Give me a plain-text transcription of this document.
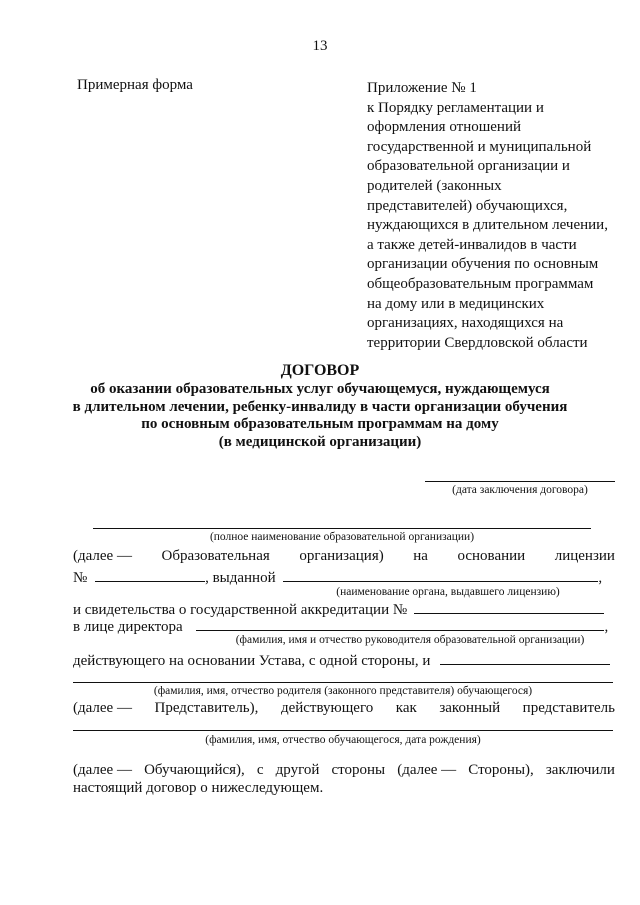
13
Примерная форма	Приложение № 1
к Порядку регламентации и
оформления отношений
государственной и муниципальной
образовательной организации и
родителей (законных
представителей) обучающихся,
нуждающихся в длительном лечении,
а также детей-инвалидов в части
организации обучения по основным
общеобразовательным программам
на дому или в медицинских
организациях, находящихся на
территории Свердловской области
ДОГОВОР
об оказании образовательных услуг обучающемуся, нуждающемуся
в длительном лечении, ребенку-инвалиду в части организации обучения
по основным образовательным программам на дому
(в медицинской организации)
(дата заключения договора)
(полное наименование образовательной организации)
(далее — Образовательная организация) на основании лицензии
№	, выданной	,
(наименование органа, выдавшего лицензию)
и свидетельства о государственной аккредитации №
в лице директора	,
(фамилия, имя и отчество руководителя образовательной организации)
действующего на основании Устава, с одной стороны, и
(фамилия, имя, отчество родителя (законного представителя) обучающегося)
(далее — Представитель), действующего как законный представитель
(фамилия, имя, отчество обучающегося, дата рождения)
(далее — Обучающийся), с другой стороны (далее — Стороны), заключили
настоящий договор о нижеследующем.
